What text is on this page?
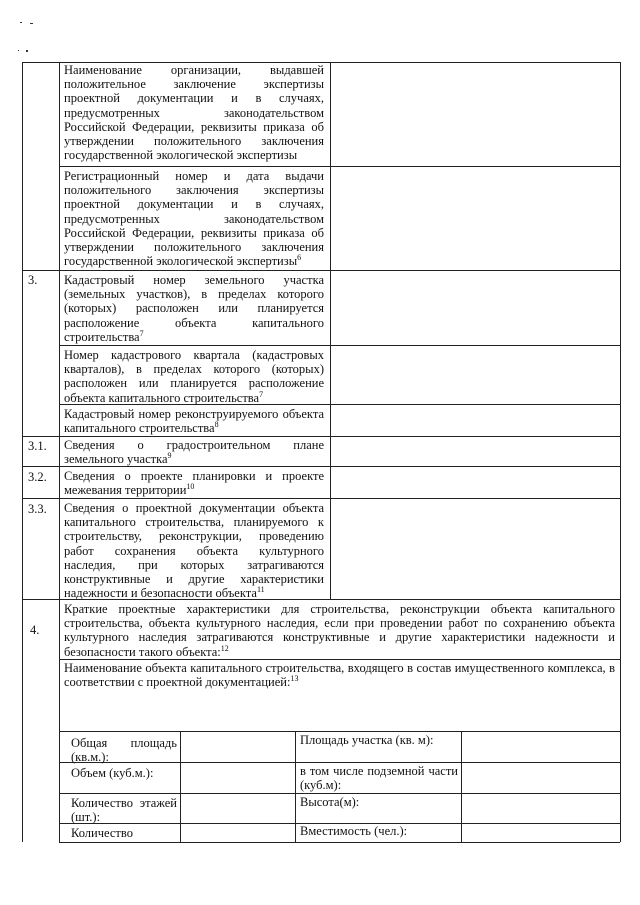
Наименование организации, выдавшей положительное заключение экспертизы проектной документации и в случаях, предусмотренных законодательством Российской Федерации, реквизиты приказа об утверждении положительного заключения государственной экологической экспертизы
Регистрационный номер и дата выдачи положительного заключения экспертизы проектной документации и в случаях, предусмотренных законодательством Российской Федерации, реквизиты приказа об утверждении положительного заключения государственной экологической экспертизы$^6$
3. Кадастровый номер земельного участка (земельных участков), в пределах которого (которых) расположен или планируется расположение объекта капитального строительства$^7$
Номер кадастрового квартала (кадастровых кварталов), в пределах которого (которых) расположен или планируется расположение объекта капитального строительства$^7$
Кадастровый номер реконструируемого объекта капитального строительства$^8$
3.1. Сведения о градостроительном плане земельного участка$^9$
3.2. Сведения о проекте планировки и проекте межевания территории$^{10}$
3.3. Сведения о проектной документации объекта капитального строительства, планируемого к строительству, реконструкции, проведению работ сохранения объекта культурного наследия, при которых затрагиваются конструктивные и другие характеристики надежности и безопасности объекта$^{11}$
4.
Краткие проектные характеристики для строительства, реконструкции объекта капитального строительства, объекта культурного наследия, если при проведении работ по сохранению объекта культурного наследия затрагиваются конструктивные и другие характеристики надежности и безопасности такого объекта:$^{12}$
Наименование объекта капитального строительства, входящего в состав имущественного комплекса, в соответствии с проектной документацией:$^{13}$
Общая площадь (кв.м.):
Площадь участка (кв. м):
Объем (куб.м.):	в том числе подземной части (куб.м):
Количество этажей (шт.):
Высота(м):
Количество	Вместимость (чел.):
